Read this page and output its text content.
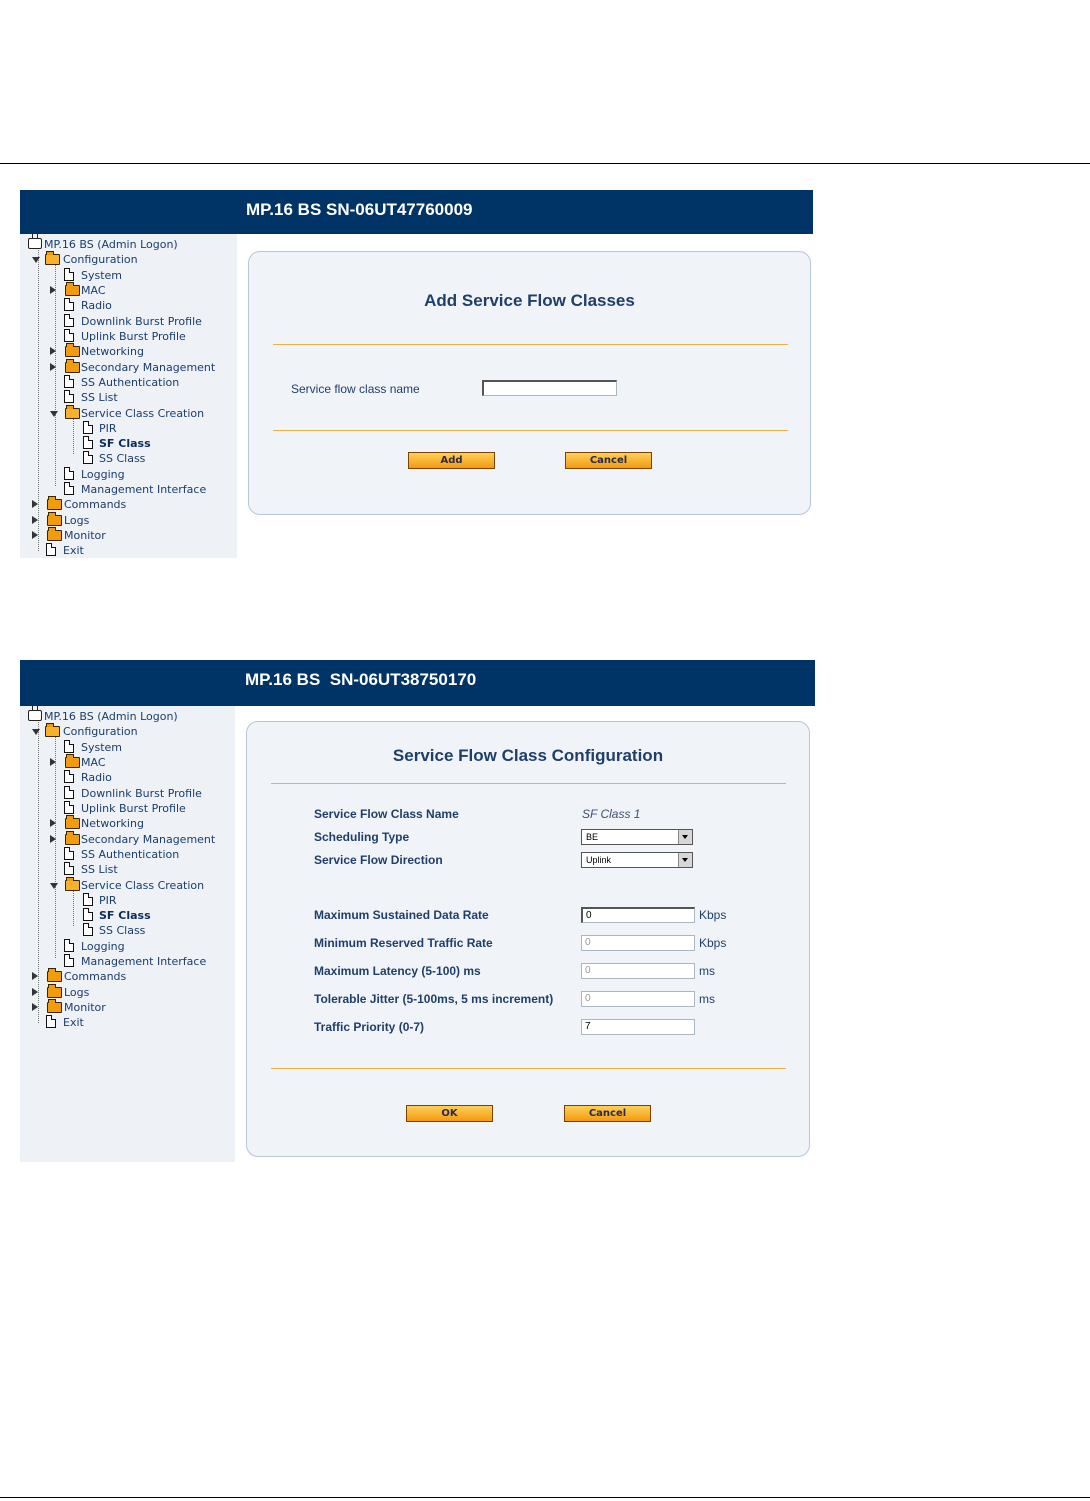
MP.16 BS SN-06UT47760009
MP.16 BS (Admin Logon)
Configuration
System
MAC
Radio
Downlink Burst Profile
Uplink Burst Profile
Networking
Secondary Management
SS Authentication
SS List
Service Class Creation
PIR
SF Class
SS Class
Logging
Management Interface
Commands
Logs
Monitor
Exit
Add Service Flow Classes
Service flow class name
Add	Cancel
MP.16 BS  SN-06UT38750170
MP.16 BS (Admin Logon)
Configuration
System
MAC
Radio
Downlink Burst Profile
Uplink Burst Profile
Networking
Secondary Management
SS Authentication
SS List
Service Class Creation
PIR
SF Class
SS Class
Logging
Management Interface
Commands
Logs
Monitor
Exit
Service Flow Class Configuration
Service Flow Class Name	SF Class 1
Scheduling Type	BE
Service Flow Direction	Uplink
Maximum Sustained Data Rate	0	Kbps
Minimum Reserved Traffic Rate	0	Kbps
Maximum Latency (5-100) ms	0	ms
Tolerable Jitter (5-100ms, 5 ms increment)	0	ms
Traffic Priority (0-7)	7
OK	Cancel
